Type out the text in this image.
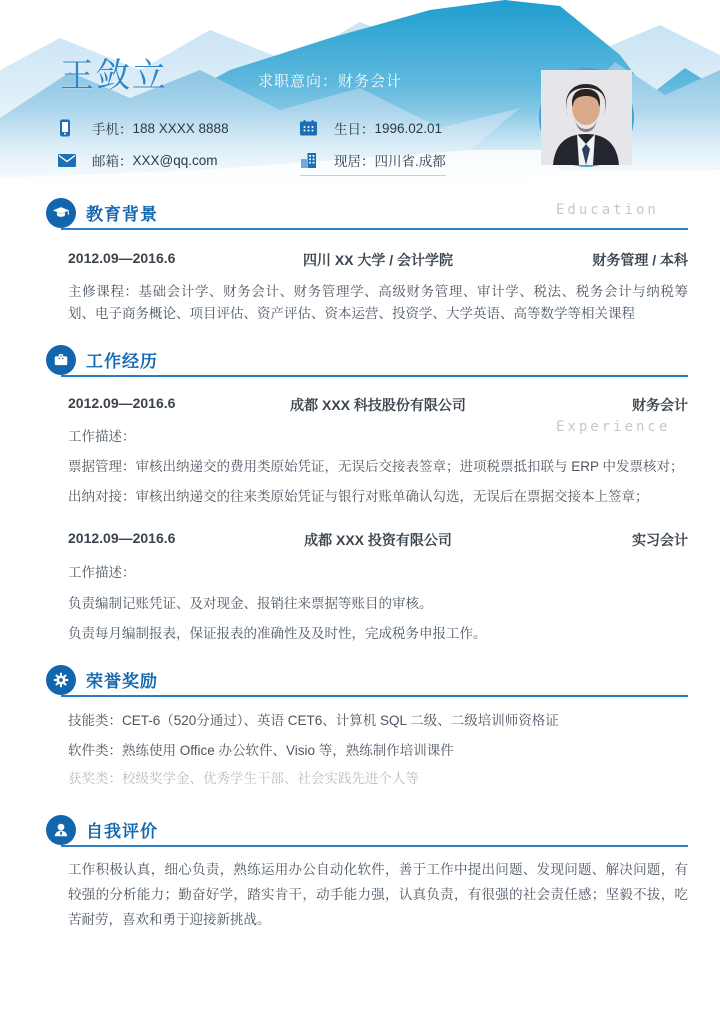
王敛立	求职意向：财务会计
手机： 188 XXXX 8888
邮箱： XXX@qq.com
生日： 1996.02.01
现居： 四川省.成都
教育背景	Education
2012.09—2016.6	四川 XX 大学 / 会计学院	财务管理 / 本科
主修课程：基础会计学、财务会计、财务管理学、高级财务管理、审计学、税法、税务会计与纳税筹划、电子商务概论、项目评估、资产评估、资本运营、投资学、大学英语、高等数学等相关课程
工作经历
Experience
2012.09—2016.6	成都 XXX 科技股份有限公司	财务会计
工作描述：
票据管理：审核出纳递交的费用类原始凭证，无误后交接表签章；进项税票抵扣联与 ERP 中发票核对；
出纳对接：审核出纳递交的往来类原始凭证与银行对账单确认勾选，无误后在票据交接本上签章；
2012.09—2016.6	成都 XXX 投资有限公司	实习会计
工作描述：
负责编制记账凭证、及对现金、报销往来票据等账目的审核。
负责每月编制报表，保证报表的准确性及及时性，完成税务申报工作。
荣誉奖励
技能类：CET-6（520分通过）、英语 CET6、计算机 SQL 二级、二级培训师资格证
软件类：熟练使用 Office 办公软件、Visio 等，熟练制作培训课件
获奖类：校级奖学金、优秀学生干部、社会实践先进个人等
自我评价
工作积极认真，细心负责，熟练运用办公自动化软件，善于工作中提出问题、发现问题、解决问题，有较强的分析能力；勤奋好学，踏实肯干，动手能力强，认真负责，有很强的社会责任感；坚毅不拔，吃苦耐劳，喜欢和勇于迎接新挑战。
